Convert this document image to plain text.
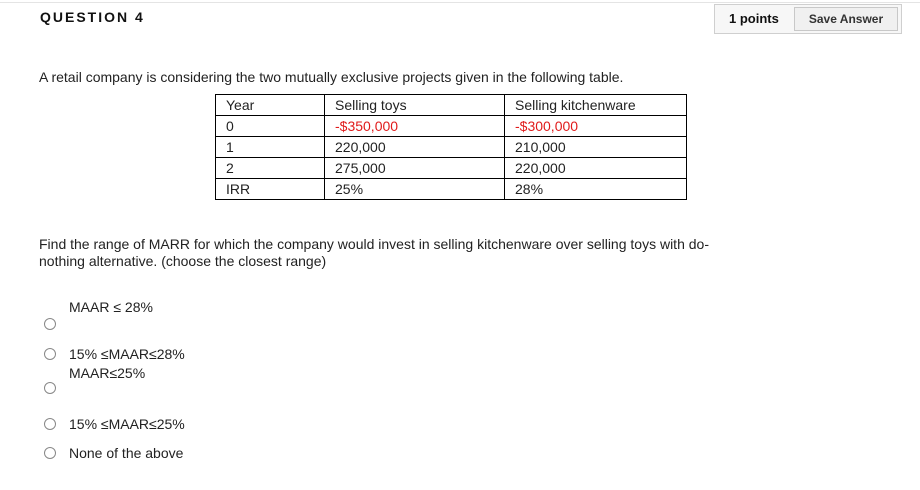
QUESTION 4	1 points	Save Answer
A retail company is considering the two mutually exclusive projects given in the following table.
Year	Selling toys	Selling kitchenware
0	-$350,000	-$300,000
1	220,000	210,000
2	275,000	220,000
IRR	25%	28%
Find the range of MARR for which the company would invest in selling kitchenware over selling toys with do-nothing alternative. (choose the closest range)
MAAR ≤ 28%
15% ≤MAAR≤28%
MAAR≤25%
15% ≤MAAR≤25%
None of the above
